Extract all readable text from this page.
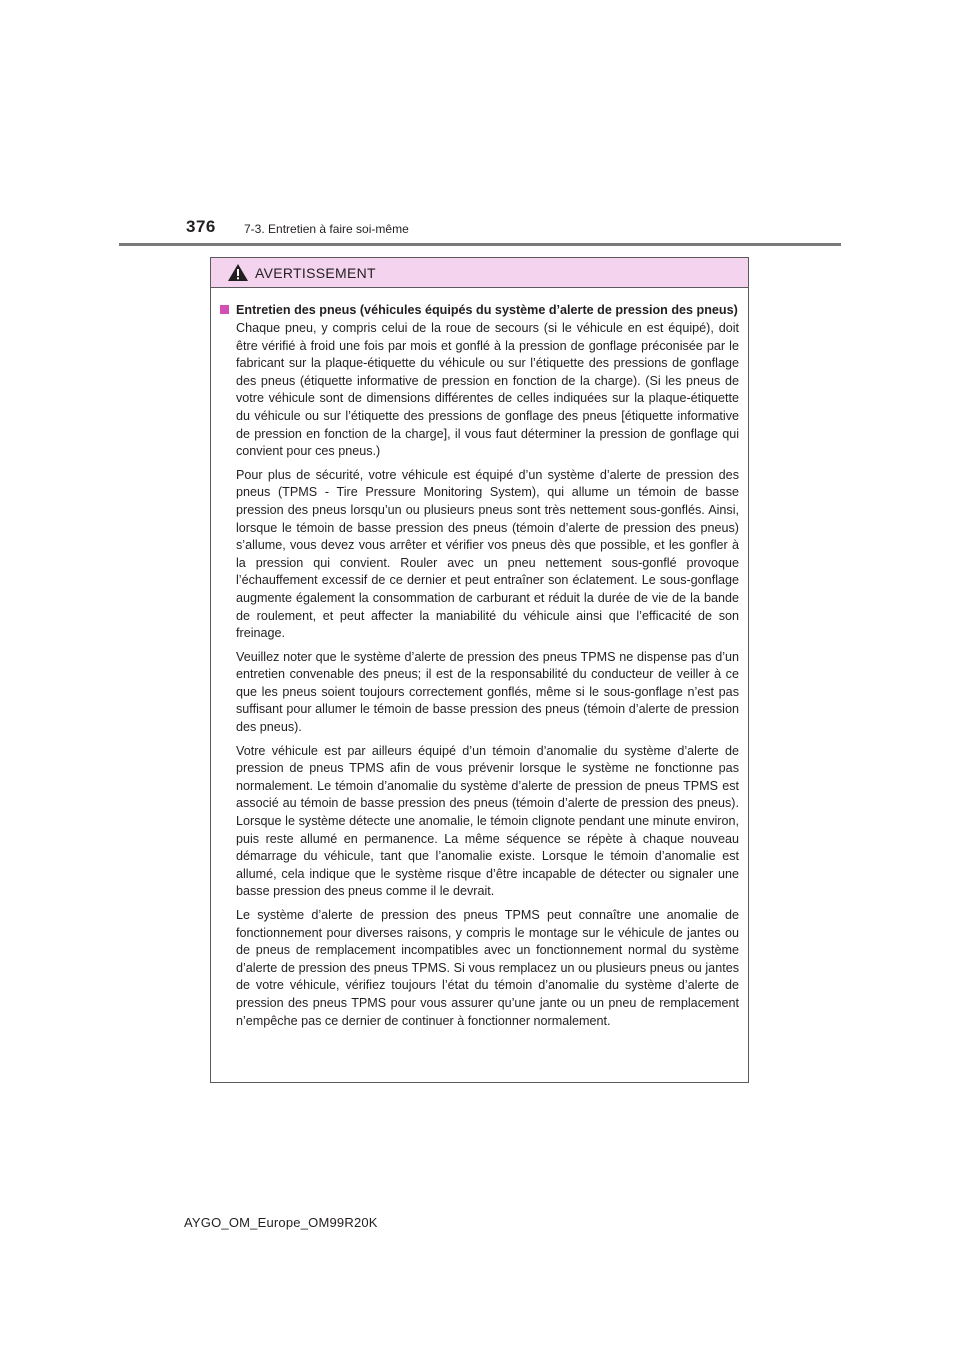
376 7-3. Entretien à faire soi-même
AVERTISSEMENT
Entretien des pneus (véhicules équipés du système d’alerte de pression des pneus)

Chaque pneu, y compris celui de la roue de secours (si le véhicule en est équipé), doit être vérifié à froid une fois par mois et gonflé à la pression de gonflage préconisée par le fabricant sur la plaque-étiquette du véhicule ou sur l’étiquette des pressions de gonflage des pneus (étiquette informative de pression en fonction de la charge). (Si les pneus de votre véhicule sont de dimensions différentes de celles indiquées sur la plaque-étiquette du véhicule ou sur l’étiquette des pressions de gonflage des pneus [étiquette informative de pression en fonction de la charge], il vous faut déterminer la pression de gonflage qui convient pour ces pneus.)

Pour plus de sécurité, votre véhicule est équipé d’un système d’alerte de pression des pneus (TPMS - Tire Pressure Monitoring System), qui allume un témoin de basse pression des pneus lorsqu’un ou plusieurs pneus sont très nettement sous-gonflés. Ainsi, lorsque le témoin de basse pression des pneus (témoin d’alerte de pression des pneus) s’allume, vous devez vous arrêter et vérifier vos pneus dès que possible, et les gonfler à la pression qui convient. Rouler avec un pneu nettement sous-gonflé provoque l’échauffement excessif de ce dernier et peut entraîner son éclatement. Le sous-gonflage augmente également la consommation de carburant et réduit la durée de vie de la bande de roulement, et peut affecter la maniabilité du véhicule ainsi que l’efficacité de son freinage.

Veuillez noter que le système d’alerte de pression des pneus TPMS ne dispense pas d’un entretien convenable des pneus; il est de la responsabilité du conducteur de veiller à ce que les pneus soient toujours correctement gonflés, même si le sous-gonflage n’est pas suffisant pour allumer le témoin de basse pression des pneus (témoin d’alerte de pression des pneus).

Votre véhicule est par ailleurs équipé d’un témoin d’anomalie du système d’alerte de pression de pneus TPMS afin de vous prévenir lorsque le système ne fonctionne pas normalement. Le témoin d’anomalie du système d’alerte de pression de pneus TPMS est associé au témoin de basse pression des pneus (témoin d’alerte de pression des pneus). Lorsque le système détecte une anomalie, le témoin clignote pendant une minute environ, puis reste allumé en permanence. La même séquence se répète à chaque nouveau démarrage du véhicule, tant que l’anomalie existe. Lorsque le témoin d’anomalie est allumé, cela indique que le système risque d’être incapable de détecter ou signaler une basse pression des pneus comme il le devrait.

Le système d’alerte de pression des pneus TPMS peut connaître une anomalie de fonctionnement pour diverses raisons, y compris le montage sur le véhicule de jantes ou de pneus de remplacement incompatibles avec un fonctionnement normal du système d’alerte de pression des pneus TPMS. Si vous remplacez un ou plusieurs pneus ou jantes de votre véhicule, vérifiez toujours l’état du témoin d’anomalie du système d’alerte de pression des pneus TPMS pour vous assurer qu’une jante ou un pneu de remplacement n’empêche pas ce dernier de continuer à fonctionner normalement.

AYGO_OM_Europe_OM99R20K
